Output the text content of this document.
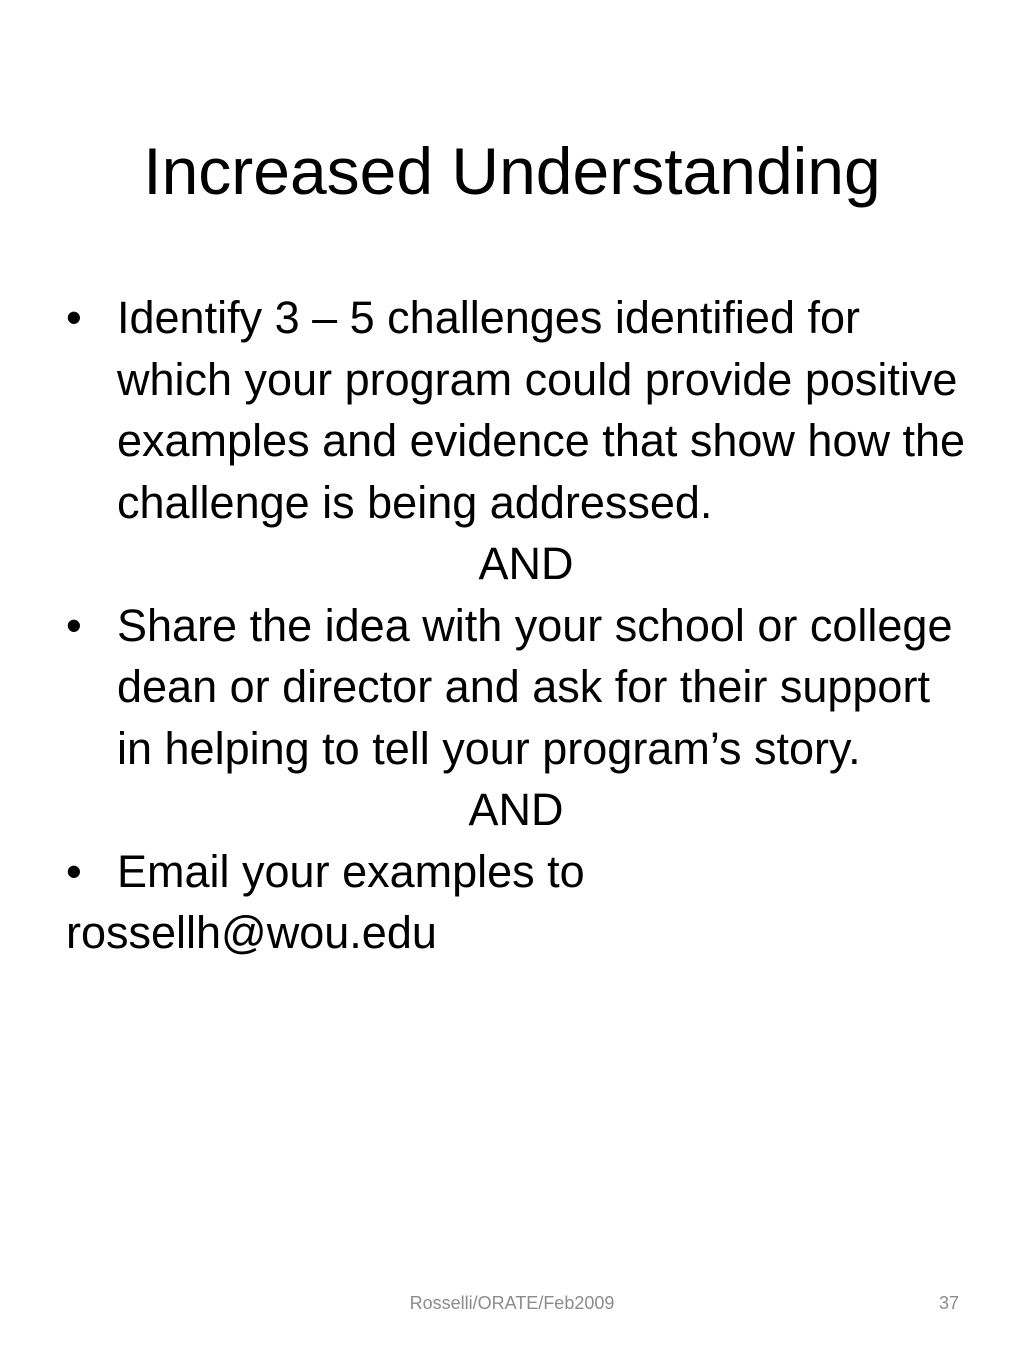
Increased Understanding
• Identify 3 – 5 challenges identified for which your program could provide positive examples and evidence that show how the challenge is being addressed.
AND
• Share the idea with your school or college dean or director and ask for their support in helping to tell your program’s story.
AND
• Email your examples to
rossellh@wou.edu
Rosselli/ORATE/Feb2009	37
